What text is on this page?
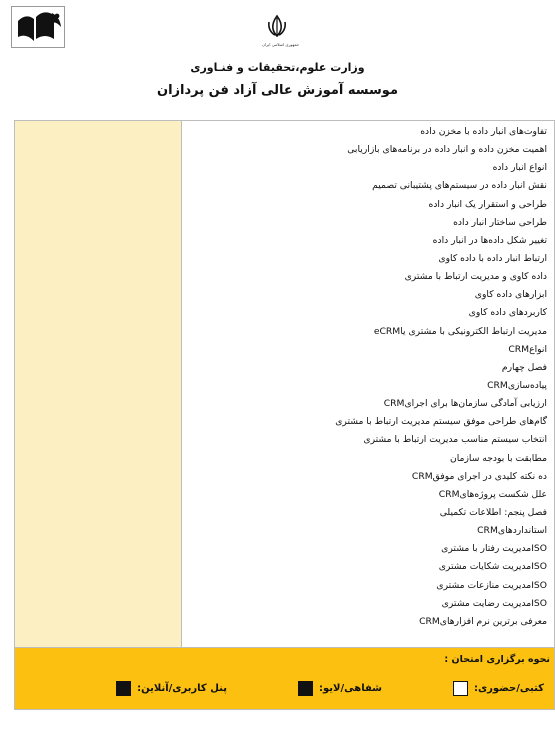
جمهوری اسلامی ایران
وزارت علوم،تحقیقات و فنـاوری
موسسه آموزش عالی آزاد فن پردازان
تفاوت‌های انبار داده با مخزن داده
اهمیت مخزن داده و انبار داده در برنامه‌های بازاریابی
انواع انبار داده
نقش انبار داده در سیستم‌های پشتیبانی تصمیم
طراحی و استقرار یک انبار داده
طراحی ساختار انبار داده
تغییر شکل داده‌ها در انبار داده
ارتباط انبار داده با داده کاوی
داده کاوی و مدیریت ارتباط با مشتری
ابزارهای داده کاوی
کاربردهای داده کاوی
مدیریت ارتباط الکترونیکی با مشتری یاeCRM
انواعCRM
فصل چهارم
پیاده‌سازیCRM
ارزیابی آمادگی سازمان‌ها برای اجرایCRM
گام‌های طراحی موفق سیستم مدیریت ارتباط با مشتری
انتخاب سیستم مناسب مدیریت ارتباط با مشتری
مطابقت با بودجه سازمان
ده نکته کلیدی در اجرای موفقCRM
علل شکست پروژه‌هایCRM
فصل پنجم: اطلاعات تکمیلی
استانداردهایCRM
ISOمدیریت رفتار با مشتری
ISOمدیریت شکایات مشتری
ISOمدیریت منازعات مشتری
ISOمدیریت رضایت مشتری
معرفی برترین نرم افزارهایCRM
نحوه برگزاری امتحان :
کتبی/حضوری:
شفاهی/لایو:
پنل کاربری/آنلاین:
